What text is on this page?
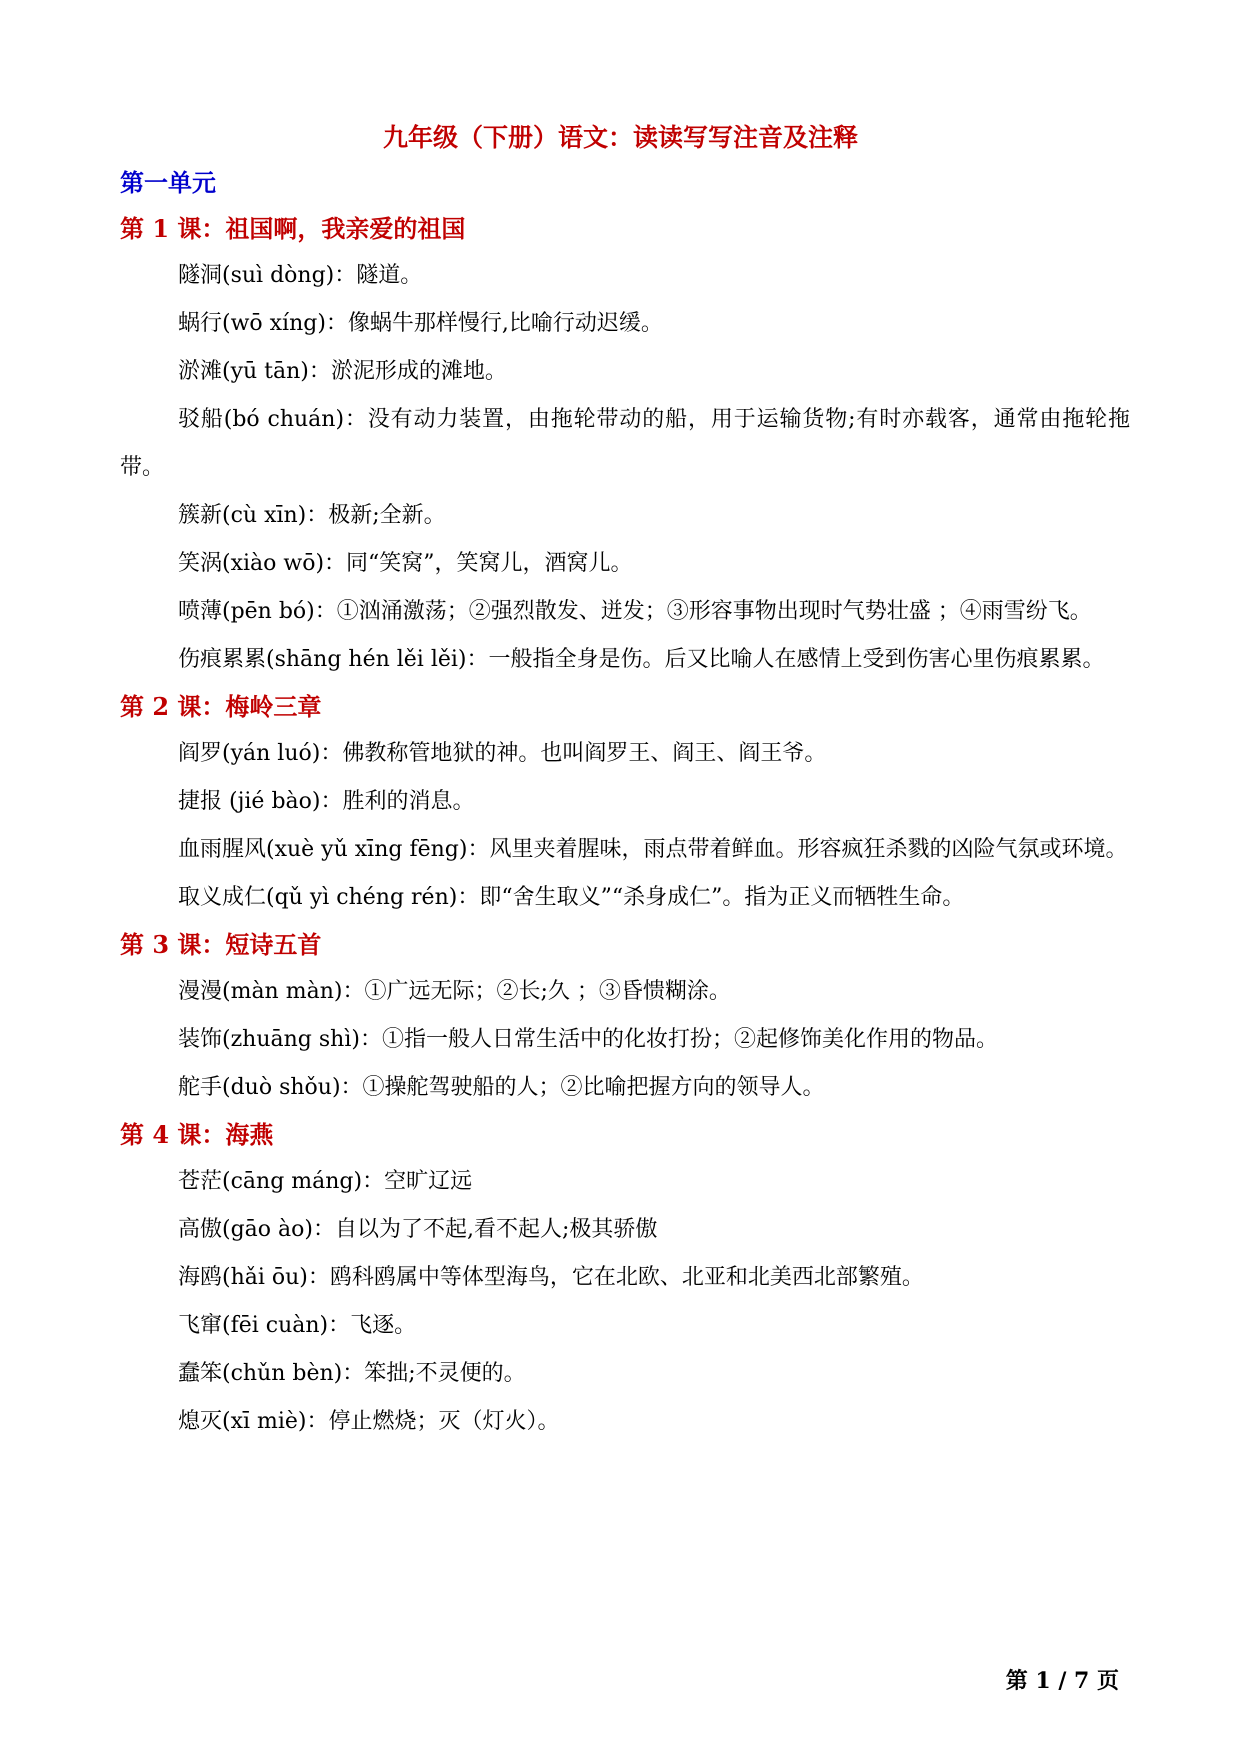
九年级（下册）语文：读读写写注音及注释
第一单元
第 1 课：祖国啊，我亲爱的祖国

隧洞(suì dòng)：隧道。

蜗行(wō xíng)：像蜗牛那样慢行,比喻行动迟缓。

淤滩(yū tān)：淤泥形成的滩地。

驳船(bó chuán)：没有动力装置，由拖轮带动的船，用于运输货物;有时亦载客，通常由拖轮拖带。

簇新(cù xīn)：极新;全新。

笑涡(xiào wō)：同“笑窝”，笑窝儿，酒窝儿。

喷薄(pēn bó)：①汹涌激荡；②强烈散发、迸发；③形容事物出现时气势壮盛 ；④雨雪纷飞。

伤痕累累(shāng hén lěi lěi)：一般指全身是伤。后又比喻人在感情上受到伤害心里伤痕累累。

第 2 课：梅岭三章

阎罗(yán luó)：佛教称管地狱的神。也叫阎罗王、阎王、阎王爷。

捷报 (jié bào)：胜利的消息。

血雨腥风(xuè yǔ xīng fēng)：风里夹着腥味，雨点带着鲜血。形容疯狂杀戮的凶险气氛或环境。

取义成仁(qǔ yì chéng rén)：即“舍生取义”“杀身成仁”。指为正义而牺牲生命。

第 3 课：短诗五首

漫漫(màn màn)：①广远无际；②长;久 ；③昏愦糊涂。

装饰(zhuāng shì)：①指一般人日常生活中的化妆打扮；②起修饰美化作用的物品。

舵手(duò shǒu)：①操舵驾驶船的人；②比喻把握方向的领导人。

第 4 课：海燕

苍茫(cāng máng)：空旷辽远

高傲(gāo ào)：自以为了不起,看不起人;极其骄傲

海鸥(hǎi ōu)：鸥科鸥属中等体型海鸟，它在北欧、北亚和北美西北部繁殖。

飞窜(fēi cuàn)：飞逐。

蠢笨(chǔn bèn)：笨拙;不灵便的。

熄灭(xī miè)：停止燃烧；灭（灯火）。

第 1 / 7 页
